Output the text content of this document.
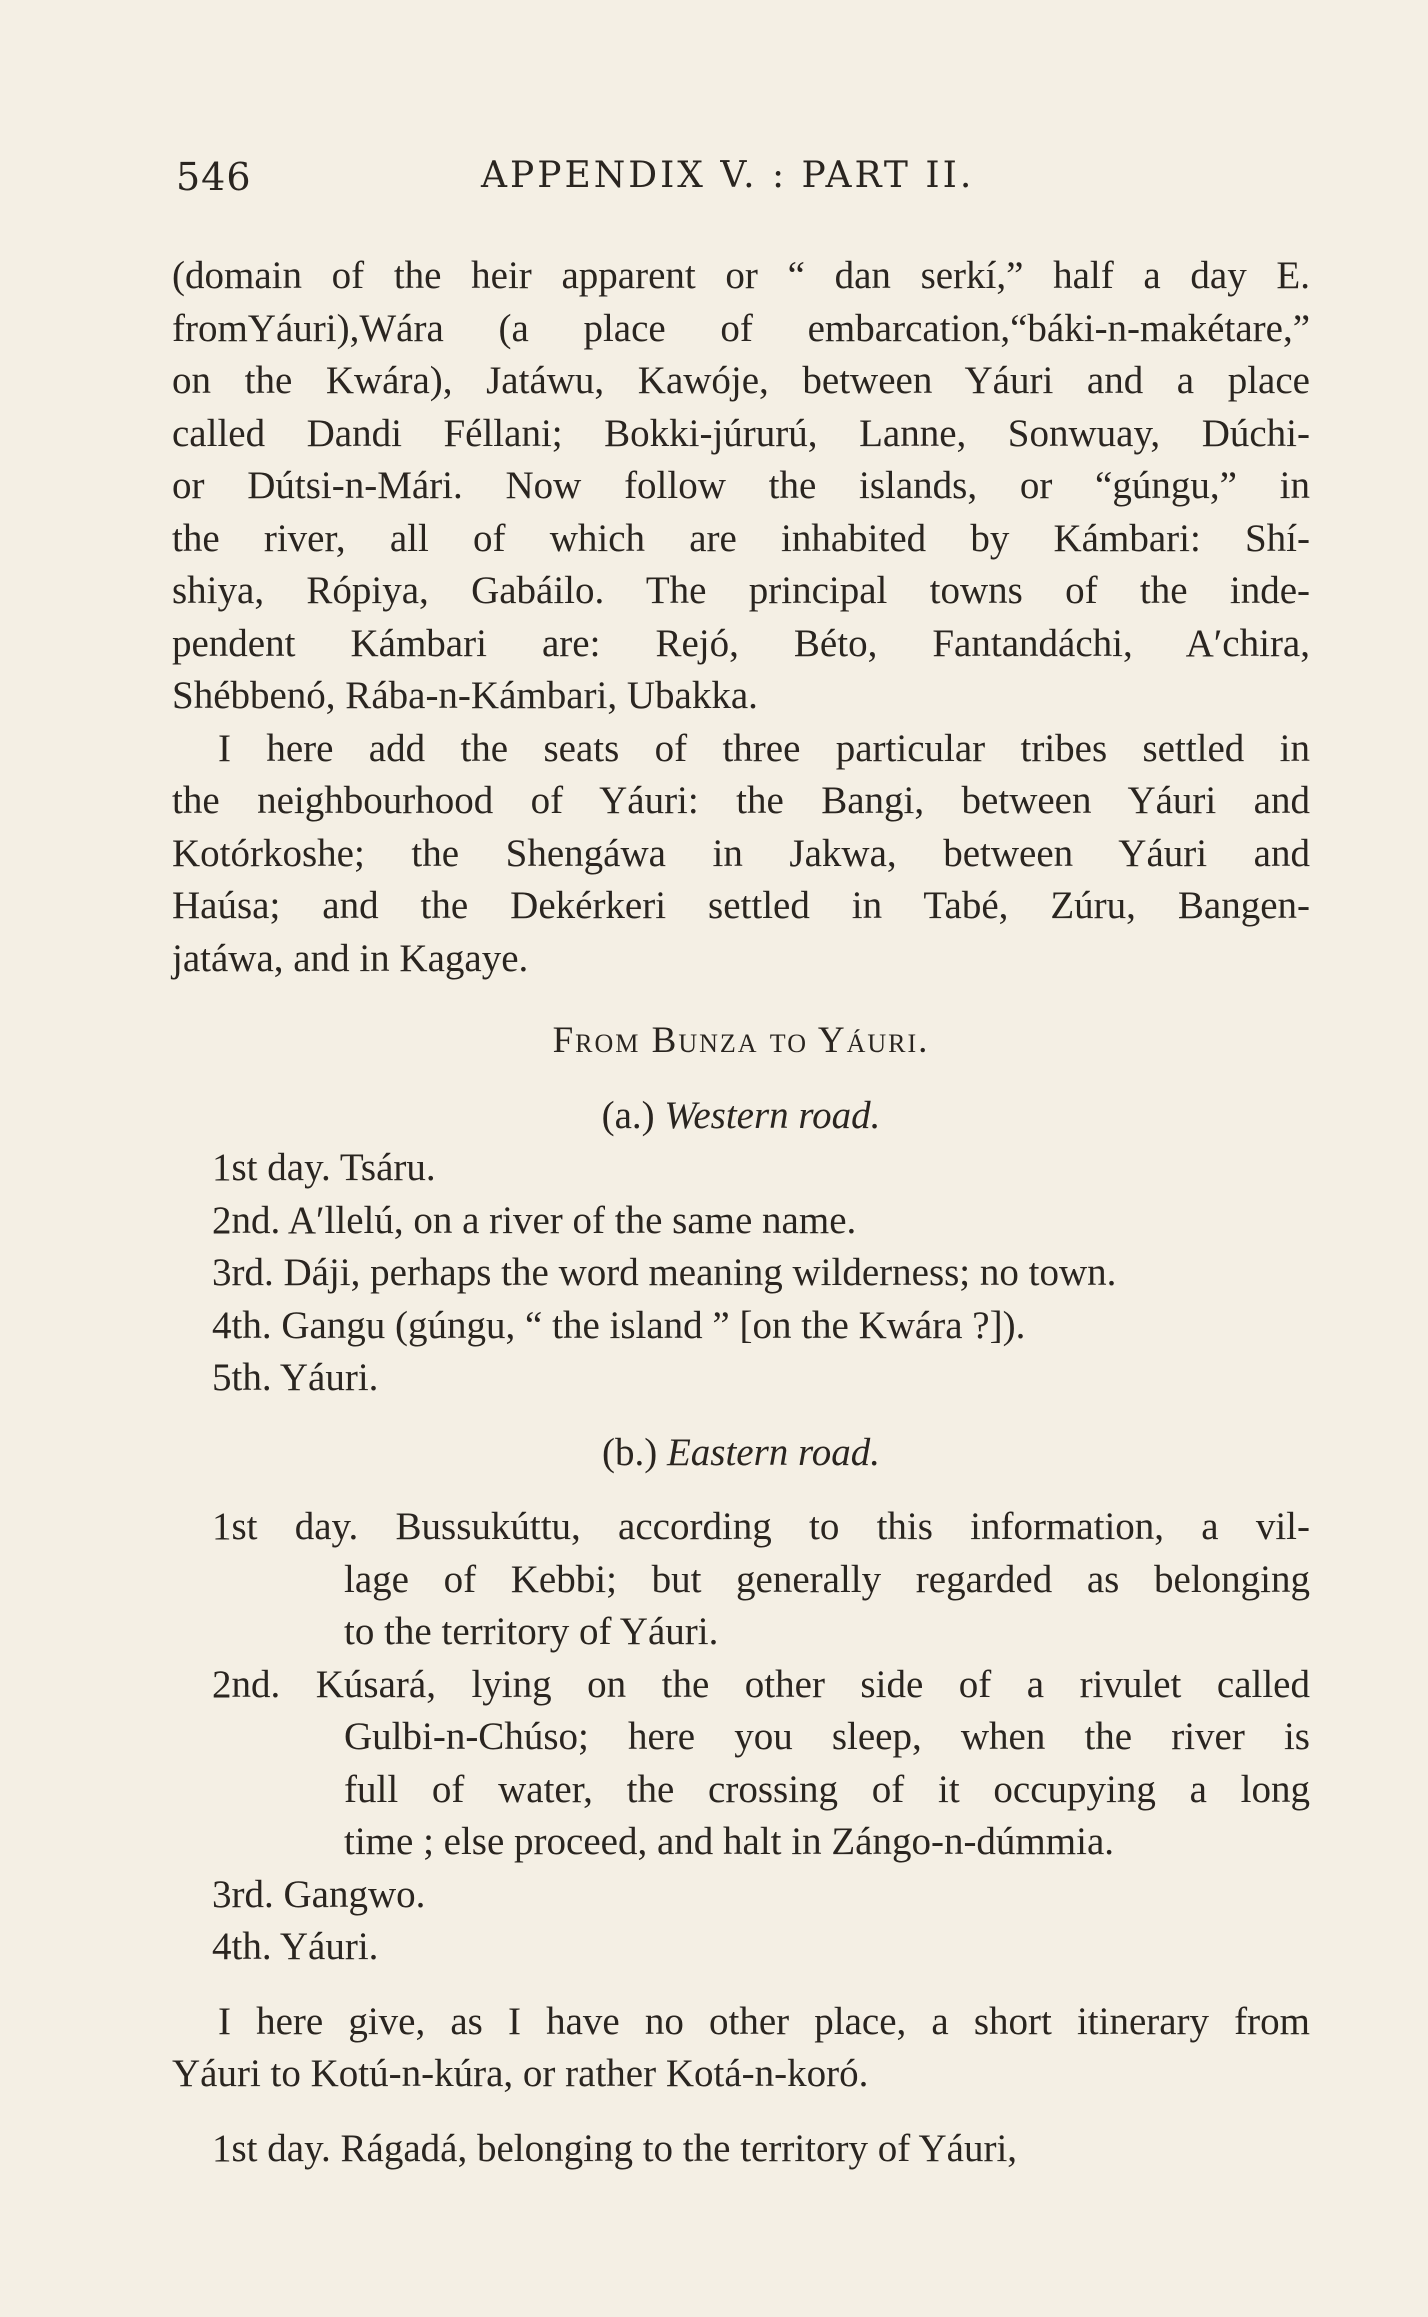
546	APPENDIX V. : PART II.
(domain of the heir apparent or “ dan serkí,” half a day E.
fromYáuri),Wára (a place of embarcation,“báki-n-makétare,”
on the Kwára), Jatáwu, Kawóje, between Yáuri and a place
called Dandi Féllani; Bokki-júrurú, Lanne, Sonwuay, Dúchi-
or Dútsi-n-Mári. Now follow the islands, or “gúngu,” in
the river, all of which are inhabited by Kámbari: Shí-
shiya, Rópiya, Gabáilo. The principal towns of the inde-
pendent Kámbari are: Rejó, Béto, Fantandáchi, A′chira,
Shébbenó, Rába-n-Kámbari, Ubakka.
I here add the seats of three particular tribes settled in
the neighbourhood of Yáuri: the Bangi, between Yáuri and
Kotórkoshe; the Shengáwa in Jakwa, between Yáuri and
Haúsa; and the Dekérkeri settled in Tabé, Zúru, Bangen-
jatáwa, and in Kagaye.
From Bunza to Yáuri.
(a.) Western road.
1st day. Tsáru.
2nd. A′llelú, on a river of the same name.
3rd. Dáji, perhaps the word meaning wilderness; no town.
4th. Gangu (gúngu, “ the island ” [on the Kwára ?]).
5th. Yáuri.
(b.) Eastern road.
1st day. Bussukúttu, according to this information, a vil-
lage of Kebbi; but generally regarded as belonging
to the territory of Yáuri.
2nd. Kúsará, lying on the other side of a rivulet called
Gulbi-n-Chúso; here you sleep, when the river is
full of water, the crossing of it occupying a long
time ; else proceed, and halt in Zángo-n-dúmmia.
3rd. Gangwo.
4th. Yáuri.
I here give, as I have no other place, a short itinerary from
Yáuri to Kotú-n-kúra, or rather Kotá-n-koró.
1st day. Rágadá, belonging to the territory of Yáuri,
